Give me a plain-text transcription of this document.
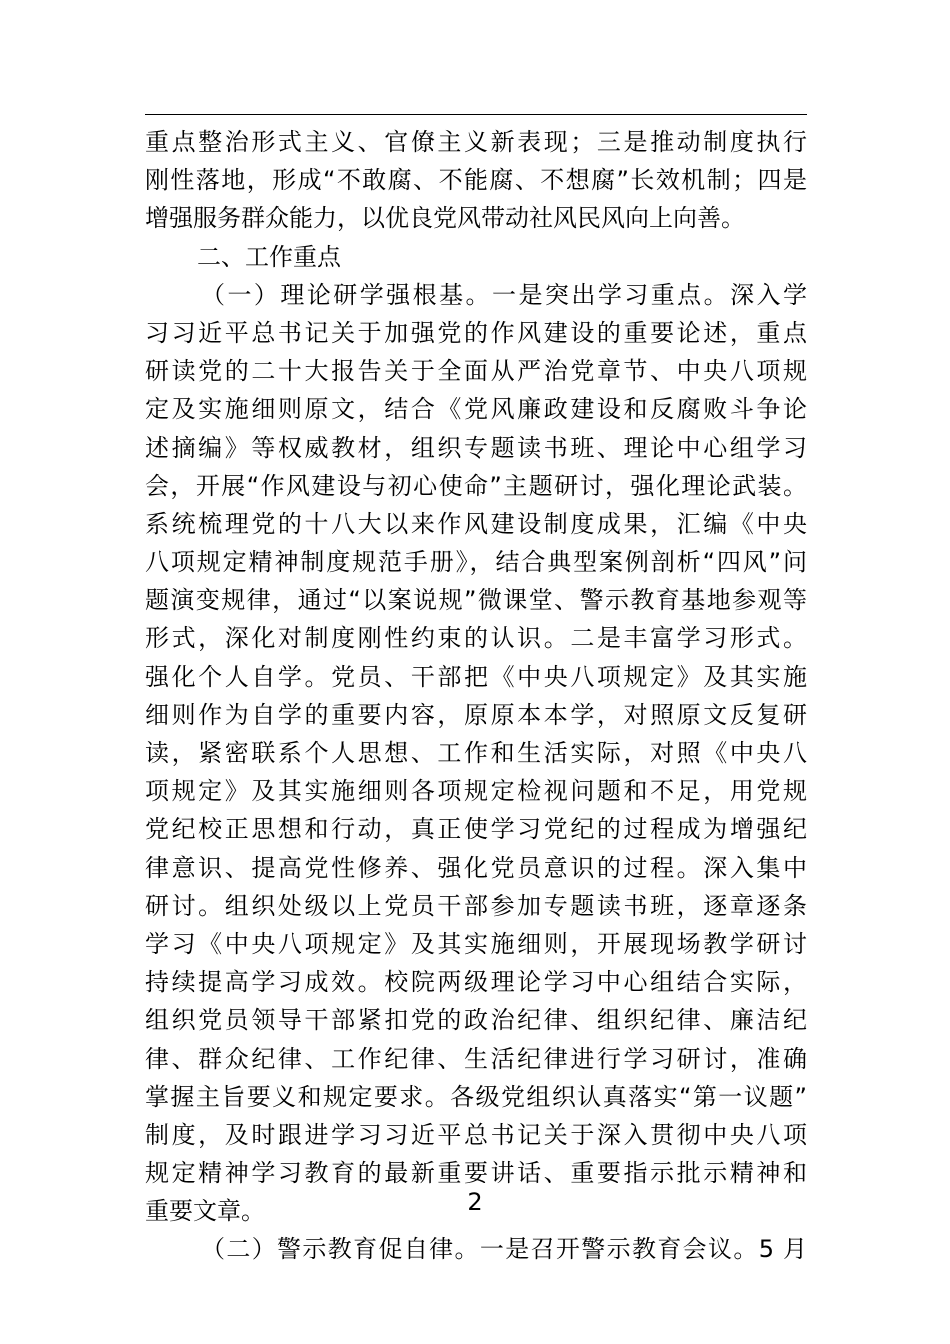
重点整治形式主义、官僚主义新表现；三是推动制度执行
刚性落地，形成“不敢腐、不能腐、不想腐”长效机制；四是
增强服务群众能力，以优良党风带动社风民风向上向善。
二、工作重点
（一）理论研学强根基。一是突出学习重点。深入学
习习近平总书记关于加强党的作风建设的重要论述，重点
研读党的二十大报告关于全面从严治党章节、中央八项规
定及实施细则原文，结合《党风廉政建设和反腐败斗争论
述摘编》等权威教材，组织专题读书班、理论中心组学习
会，开展“作风建设与初心使命”主题研讨，强化理论武装。
系统梳理党的十八大以来作风建设制度成果，汇编《中央
八项规定精神制度规范手册》，结合典型案例剖析“四风”问
题演变规律，通过“以案说规”微课堂、警示教育基地参观等
形式，深化对制度刚性约束的认识。二是丰富学习形式。
强化个人自学。党员、干部把《中央八项规定》及其实施
细则作为自学的重要内容，原原本本学，对照原文反复研
读，紧密联系个人思想、工作和生活实际，对照《中央八
项规定》及其实施细则各项规定检视问题和不足，用党规
党纪校正思想和行动，真正使学习党纪的过程成为增强纪
律意识、提高党性修养、强化党员意识的过程。深入集中
研讨。组织处级以上党员干部参加专题读书班，逐章逐条
学习《中央八项规定》及其实施细则，开展现场教学研讨
持续提高学习成效。校院两级理论学习中心组结合实际，
组织党员领导干部紧扣党的政治纪律、组织纪律、廉洁纪
律、群众纪律、工作纪律、生活纪律进行学习研讨，准确
掌握主旨要义和规定要求。各级党组织认真落实“第一议题”
制度，及时跟进学习习近平总书记关于深入贯彻中央八项
规定精神学习教育的最新重要讲话、重要指示批示精神和
重要文章。
（二）警示教育促自律。一是召开警示教育会议。5 月
2
